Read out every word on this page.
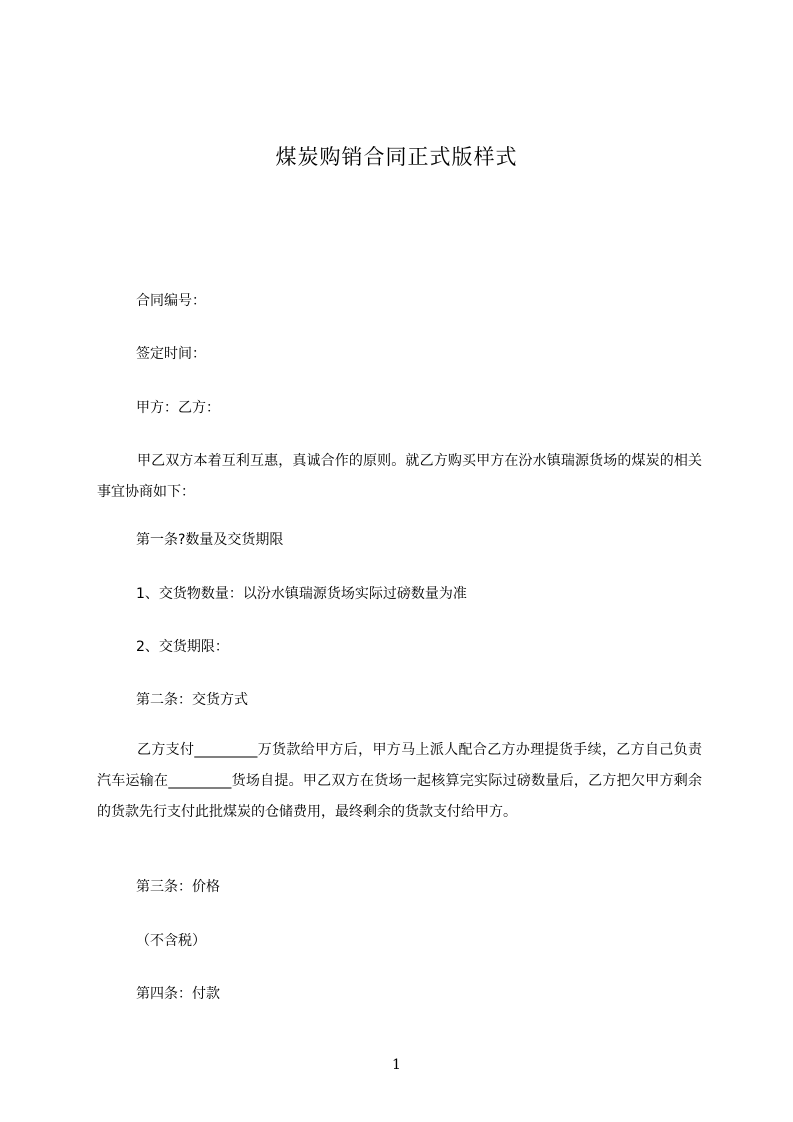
煤炭购销合同正式版样式
合同编号：
签定时间：
甲方：乙方：

甲乙双方本着互利互惠，真诚合作的原则。就乙方购买甲方在汾水镇瑞源货场的煤炭的相关事宜协商如下：

第一条?数量及交货期限
1、交货物数量：以汾水镇瑞源货场实际过磅数量为准
2、交货期限：
第二条：交货方式

乙方支付_________万货款给甲方后，甲方马上派人配合乙方办理提货手续，乙方自己负责汽车运输在_________货场自提。甲乙双方在货场一起核算完实际过磅数量后，乙方把欠甲方剩余的货款先行支付此批煤炭的仓储费用，最终剩余的货款支付给甲方。

第三条：价格
（不含税）
第四条：付款
1
